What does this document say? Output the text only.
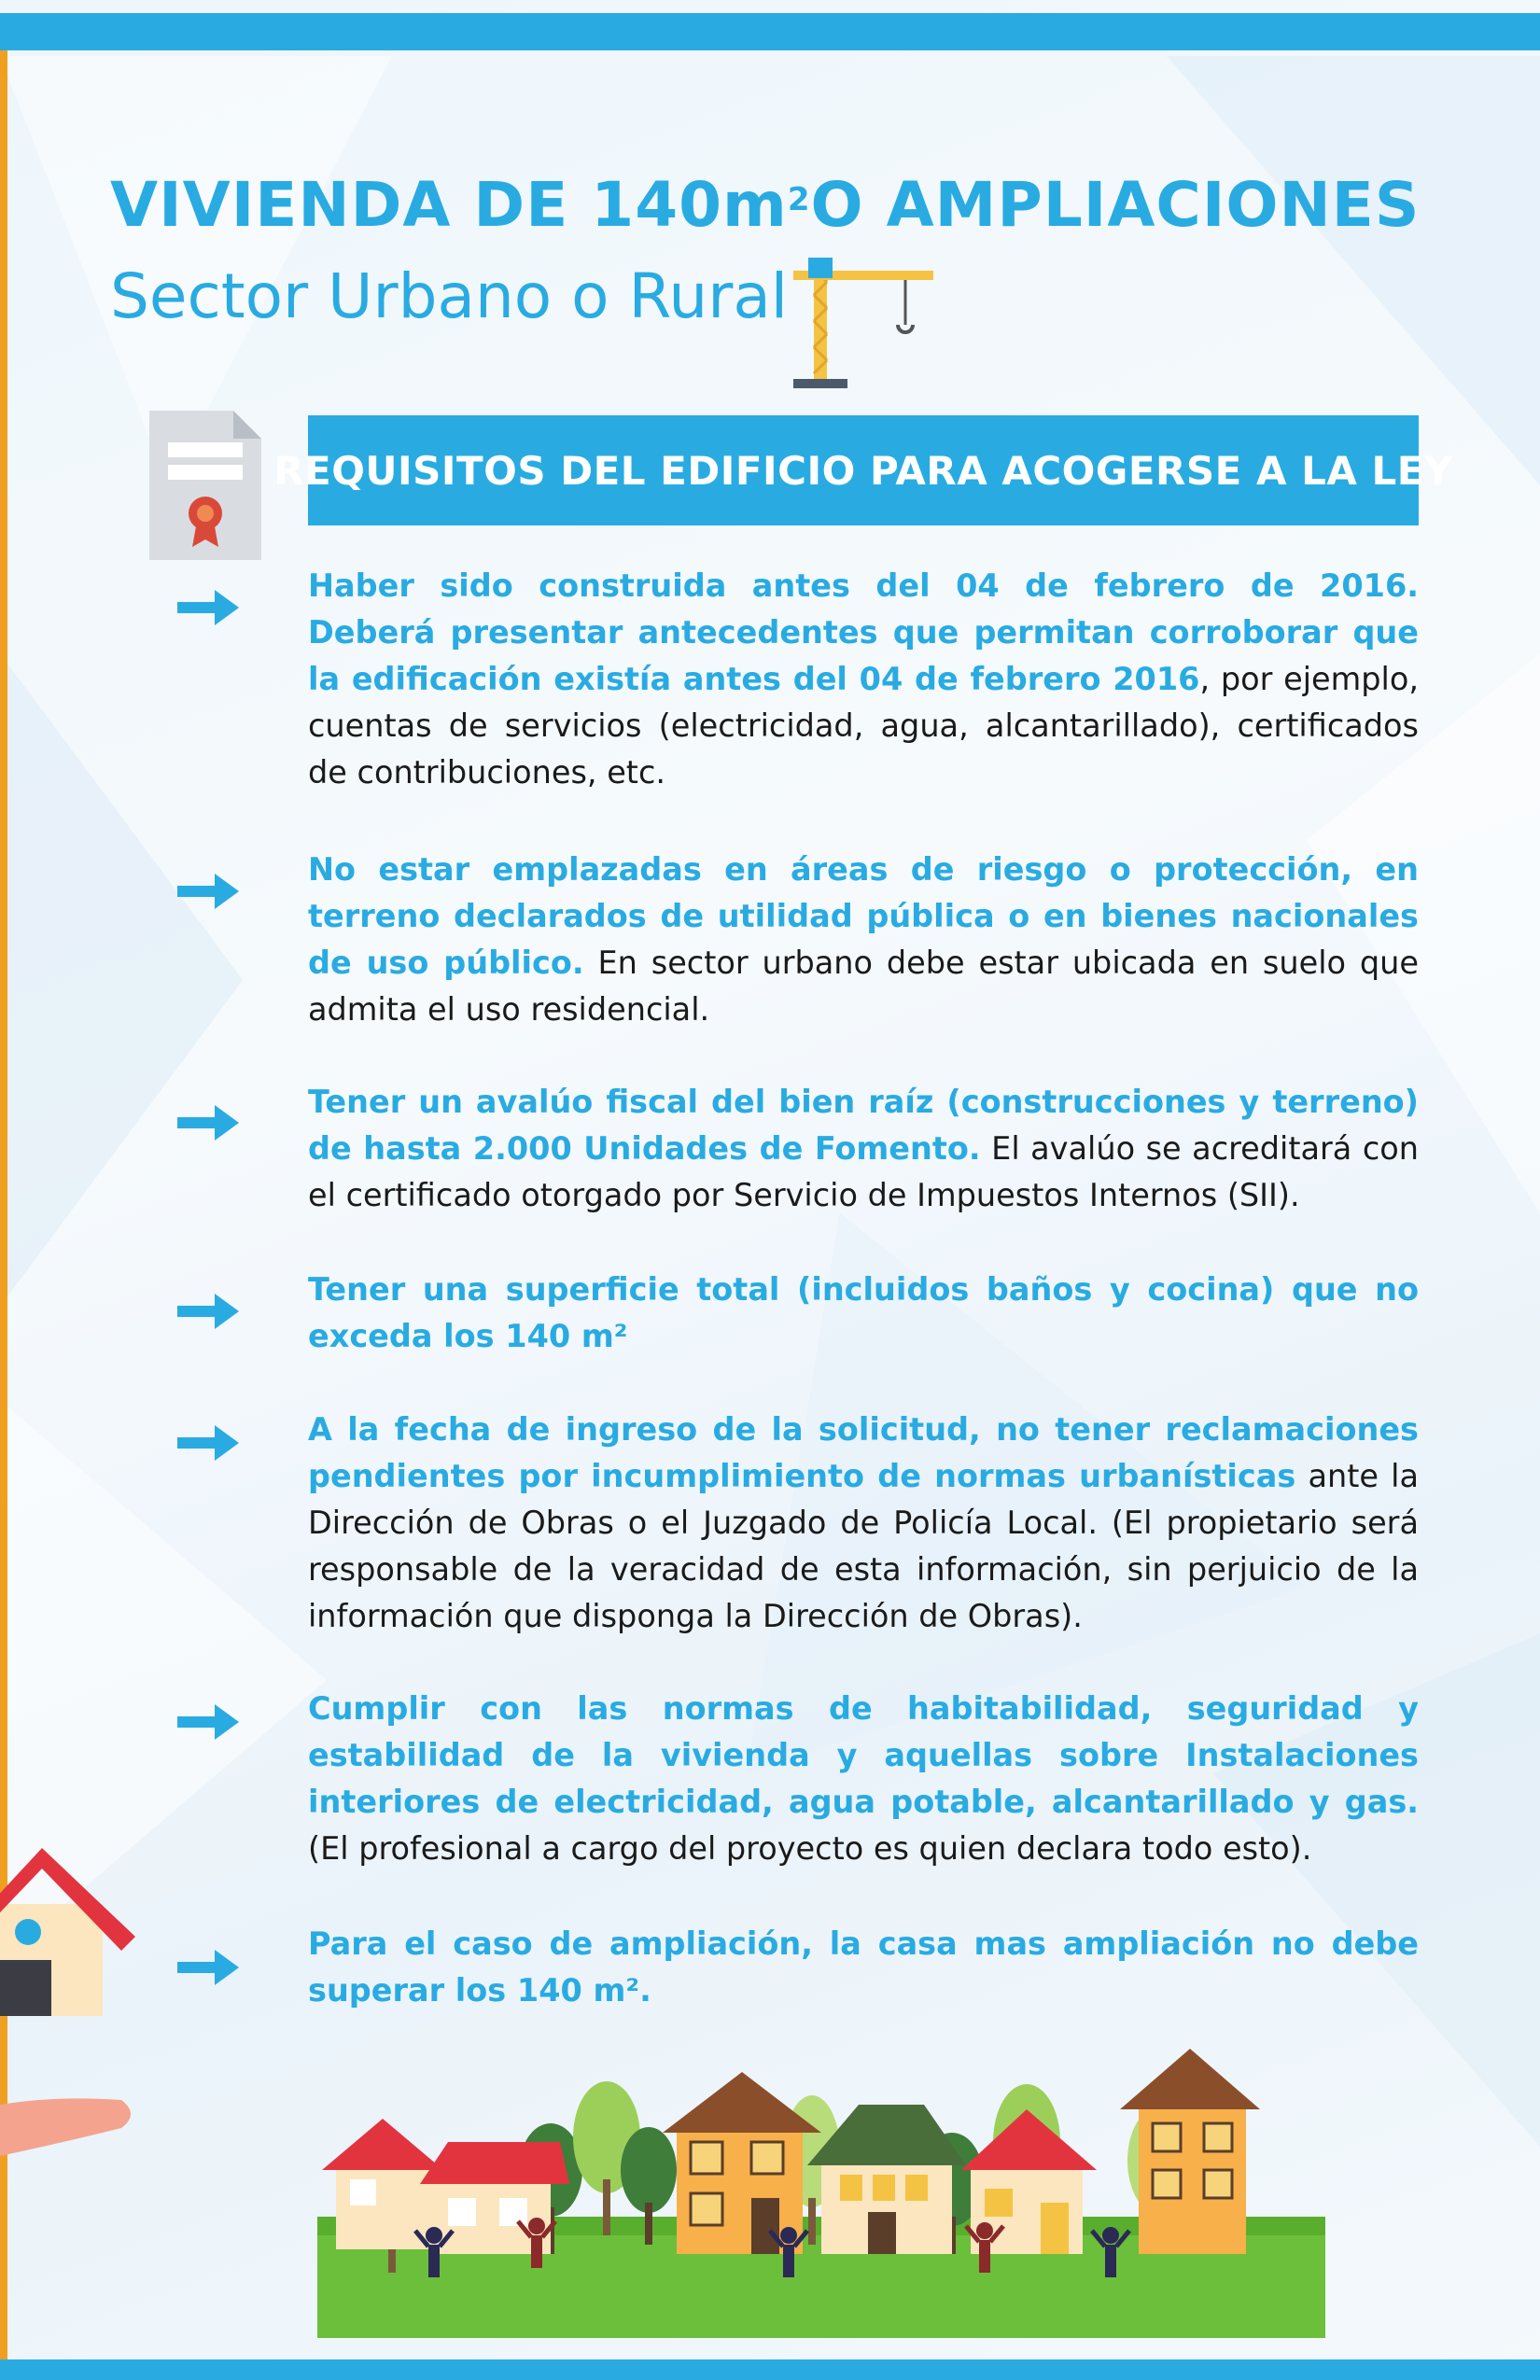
VIVIENDA DE $140m^2O$ AMPLIACIONES
Sector Urbano o Rural
REQUISITOS DEL EDIFICIO PARA ACOGERSE A LA LEY

Haber sido construida antes del 04 de febrero de 2016. Deberá presentar antecedentes que permitan corroborar que la edificación existía antes del 04 de febrero 2016, por ejemplo, cuentas de servicios (electricidad, agua, alcantarillado), certificados de contribuciones, etc.

No estar emplazadas en áreas de riesgo o protección, en terreno declarados de utilidad pública o en bienes nacionales de uso público. En sector urbano debe estar ubicada en suelo que admita el uso residencial.

Tener un avalúo fiscal del bien raíz (construcciones y terreno) de hasta 2.000 Unidades de Fomento. El avalúo se acreditará con el certificado otorgado por Servicio de Impuestos Internos (SII).

Tener una superficie total (incluidos baños y cocina) que no exceda los 140 m²

A la fecha de ingreso de la solicitud, no tener reclamaciones pendientes por incumplimiento de normas urbanísticas ante la Dirección de Obras o el Juzgado de Policía Local. (El propietario será responsable de la veracidad de esta información, sin perjuicio de la información que disponga la Dirección de Obras).

Cumplir con las normas de habitabilidad, seguridad y estabilidad de la vivienda y aquellas sobre Instalaciones interiores de electricidad, agua potable, alcantarillado y gas. (El profesional a cargo del proyecto es quien declara todo esto).

Para el caso de ampliación, la casa mas ampliación no debe superar los 140 m².
